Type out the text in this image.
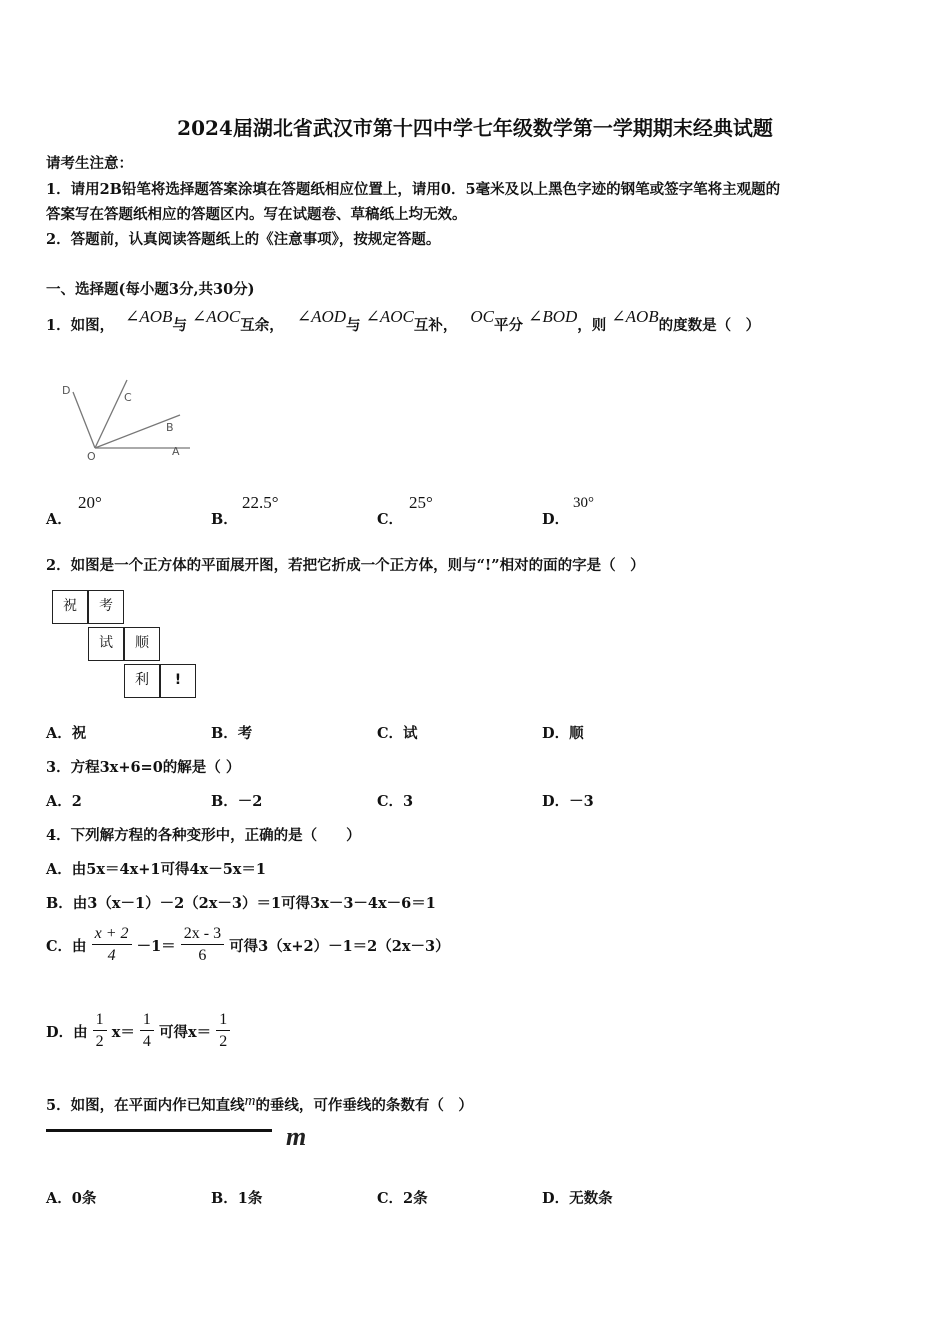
2024届湖北省武汉市第十四中学七年级数学第一学期期末经典试题
请考生注意：
1．请用2B铅笔将选择题答案涂填在答题纸相应位置上，请用0．5毫米及以上黑色字迹的钢笔或签字笔将主观题的
答案写在答题纸相应的答题区内。写在试题卷、草稿纸上均无效。
2．答题前，认真阅读答题纸上的《注意事项》，按规定答题。
一、选择题(每小题3分,共30分)
1．如图， ∠AOB与 ∠AOC互余， ∠AOD与 ∠AOC互补， OC平分 ∠BOD，则 ∠AOB的度数是（　）
D
C
B
O	A
A．
20°
B．
22.5°
C．
25°
D．
30°
2．如图是一个正方体的平面展开图，若把它折成一个正方体，则与“!”相对的面的字是（　）
祝	考
试	顺
利	!
A．祝	B．考	C．试	D．顺
3．方程3x+6=0的解是（ ）
A．2	B．－2	C．3	D．－3
4．下列解方程的各种变形中，正确的是（　　）
A．由5x＝4x+1可得4x－5x＝1
B．由3（x－1）－2（2x－3）＝1可得3x－3－4x－6＝1
C．由 $\frac{x + 2}{4} -1= \frac{2x - 3}{6}$ 可得3（x+2）－1＝2（2x－3）
D．由 $\frac{1}{2} x= \frac{1}{4}$ 可得$x= \frac{1}{2}$
5．如图，在平面内作已知直线m的垂线，可作垂线的条数有（　）
m
A．0条	B．1条	C．2条	D．无数条
